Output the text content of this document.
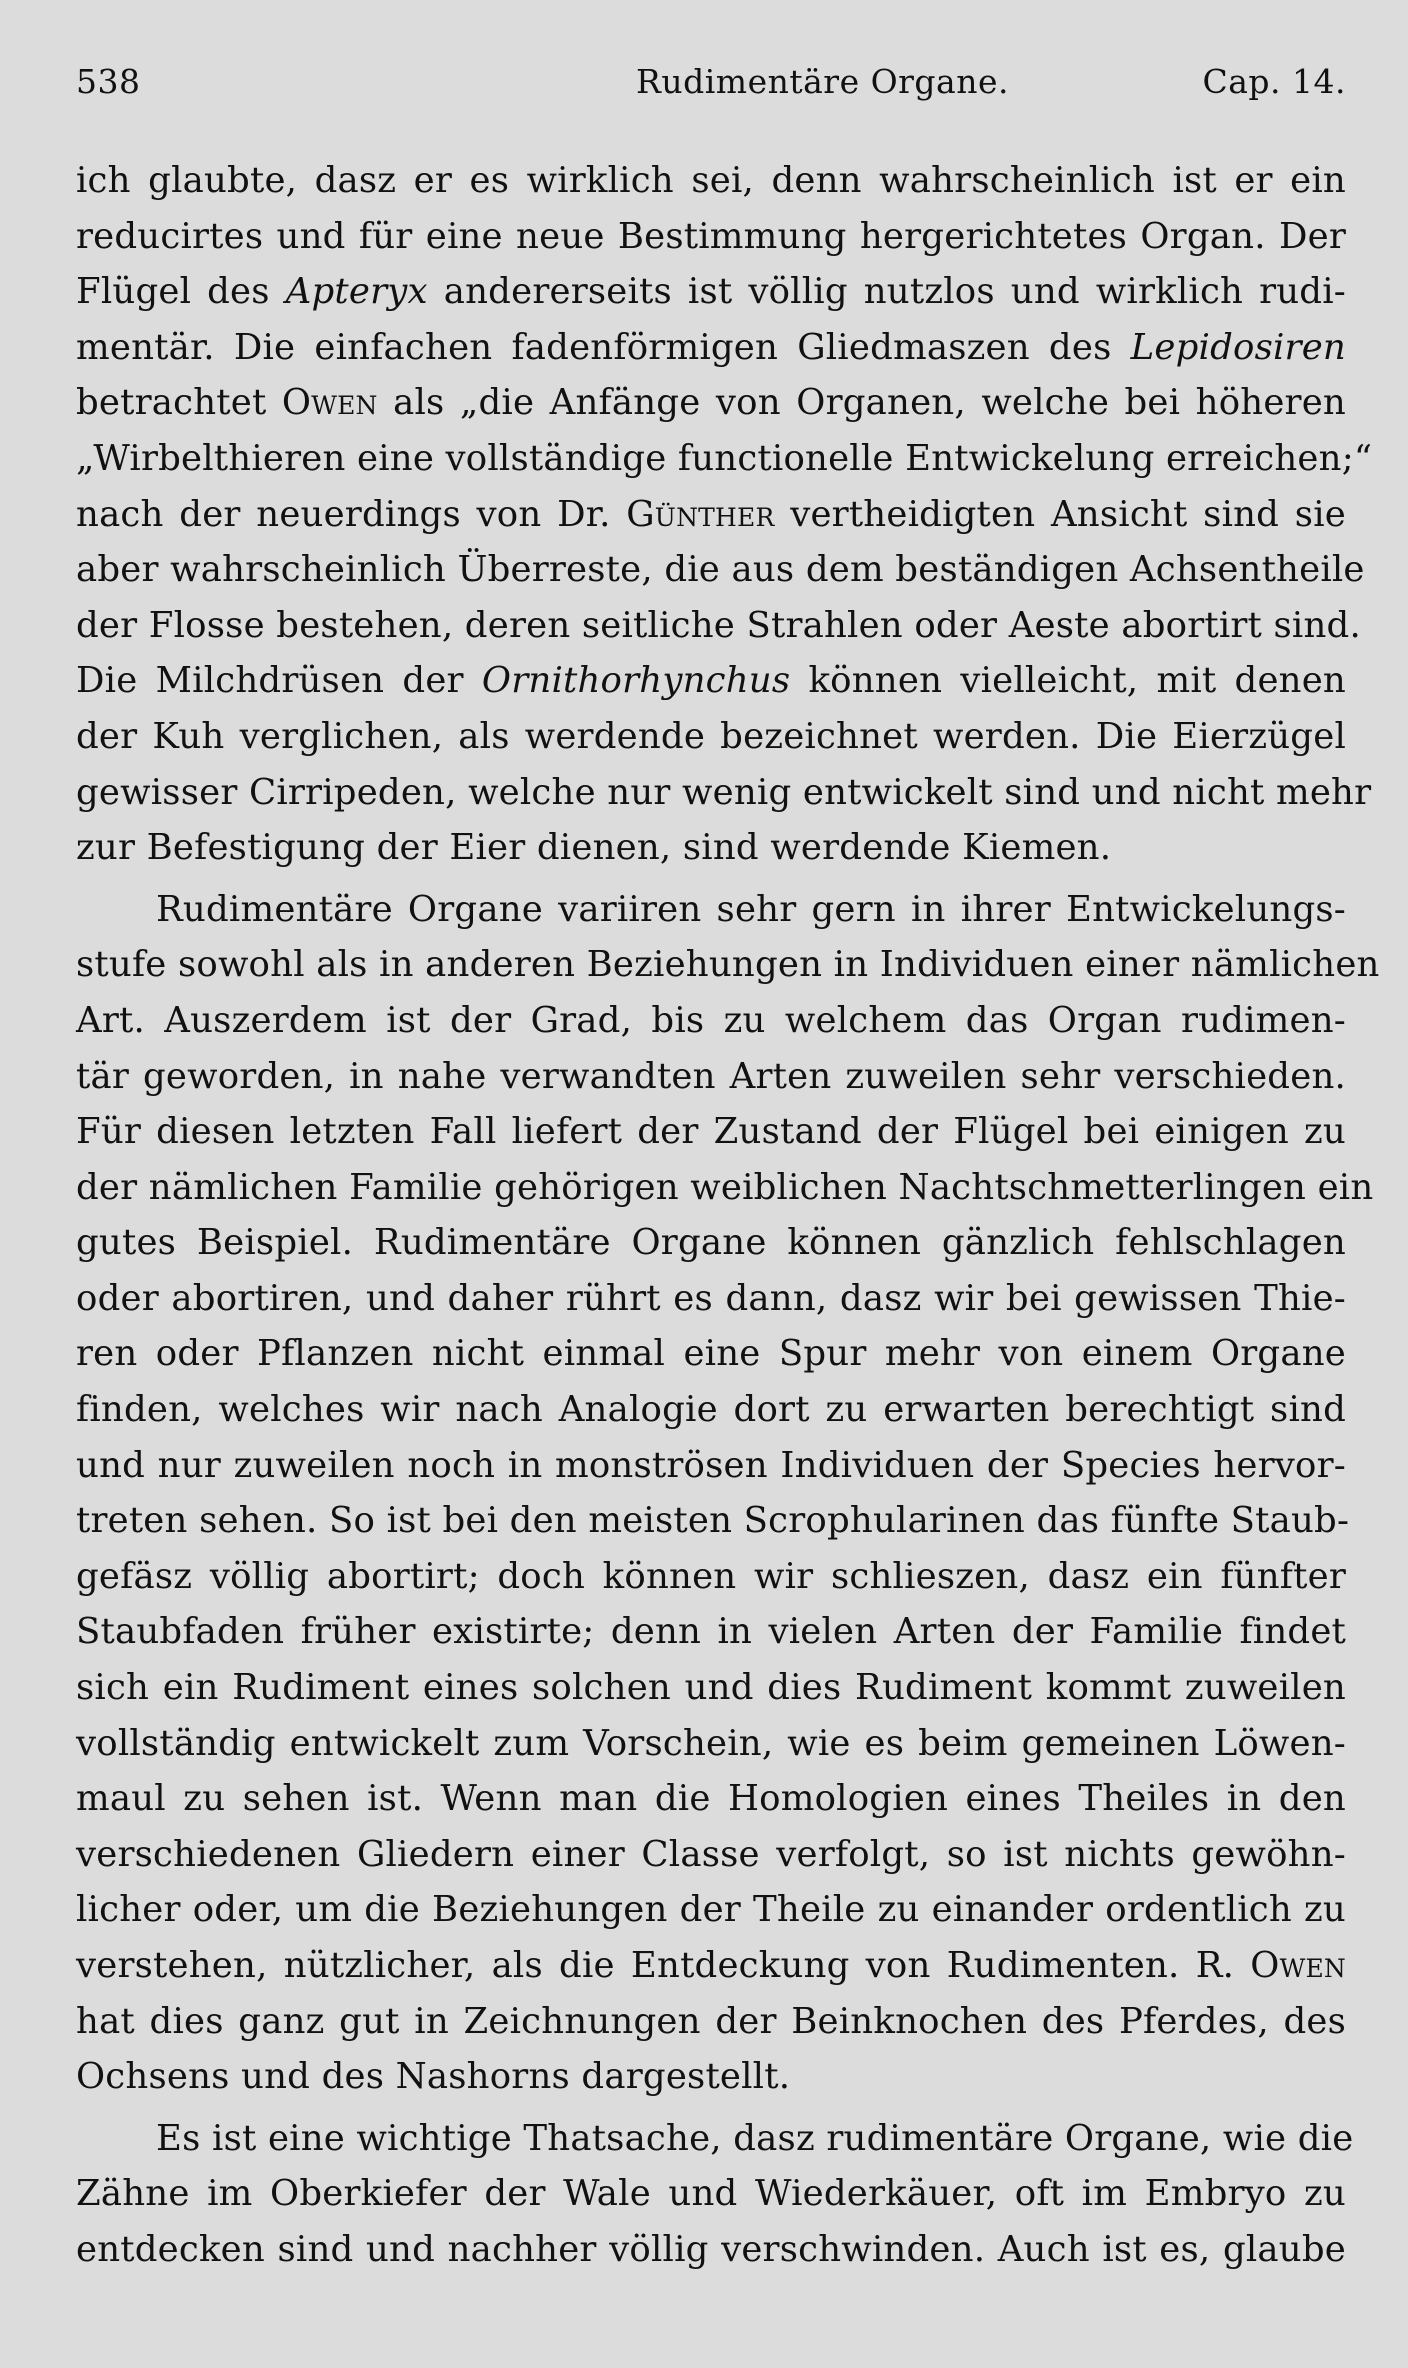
538	Rudimentäre Organe.	Cap. 14.
ich glaubte, dasz er es wirklich sei, denn wahrscheinlich ist er ein
reducirtes und für eine neue Bestimmung hergerichtetes Organ. Der
Flügel des Apteryx andererseits ist völlig nutzlos und wirklich rudi-
mentär. Die einfachen fadenförmigen Gliedmaszen des Lepidosiren
betrachtet Owen als „die Anfänge von Organen, welche bei höheren
„Wirbelthieren eine vollständige functionelle Entwickelung erreichen;“
nach der neuerdings von Dr. Günther vertheidigten Ansicht sind sie
aber wahrscheinlich Überreste, die aus dem beständigen Achsentheile
der Flosse bestehen, deren seitliche Strahlen oder Aeste abortirt sind.
Die Milchdrüsen der Ornithorhynchus können vielleicht, mit denen
der Kuh verglichen, als werdende bezeichnet werden. Die Eierzügel
gewisser Cirripeden, welche nur wenig entwickelt sind und nicht mehr
zur Befestigung der Eier dienen, sind werdende Kiemen.
Rudimentäre Organe variiren sehr gern in ihrer Entwickelungs-
stufe sowohl als in anderen Beziehungen in Individuen einer nämlichen
Art. Auszerdem ist der Grad, bis zu welchem das Organ rudimen-
tär geworden, in nahe verwandten Arten zuweilen sehr verschieden.
Für diesen letzten Fall liefert der Zustand der Flügel bei einigen zu
der nämlichen Familie gehörigen weiblichen Nachtschmetterlingen ein
gutes Beispiel. Rudimentäre Organe können gänzlich fehlschlagen
oder abortiren, und daher rührt es dann, dasz wir bei gewissen Thie-
ren oder Pflanzen nicht einmal eine Spur mehr von einem Organe
finden, welches wir nach Analogie dort zu erwarten berechtigt sind
und nur zuweilen noch in monströsen Individuen der Species hervor-
treten sehen. So ist bei den meisten Scrophularinen das fünfte Staub-
gefäsz völlig abortirt; doch können wir schlieszen, dasz ein fünfter
Staubfaden früher existirte; denn in vielen Arten der Familie findet
sich ein Rudiment eines solchen und dies Rudiment kommt zuweilen
vollständig entwickelt zum Vorschein, wie es beim gemeinen Löwen-
maul zu sehen ist. Wenn man die Homologien eines Theiles in den
verschiedenen Gliedern einer Classe verfolgt, so ist nichts gewöhn-
licher oder, um die Beziehungen der Theile zu einander ordentlich zu
verstehen, nützlicher, als die Entdeckung von Rudimenten. R. Owen
hat dies ganz gut in Zeichnungen der Beinknochen des Pferdes, des
Ochsens und des Nashorns dargestellt.
Es ist eine wichtige Thatsache, dasz rudimentäre Organe, wie die
Zähne im Oberkiefer der Wale und Wiederkäuer, oft im Embryo zu
entdecken sind und nachher völlig verschwinden. Auch ist es, glaube
